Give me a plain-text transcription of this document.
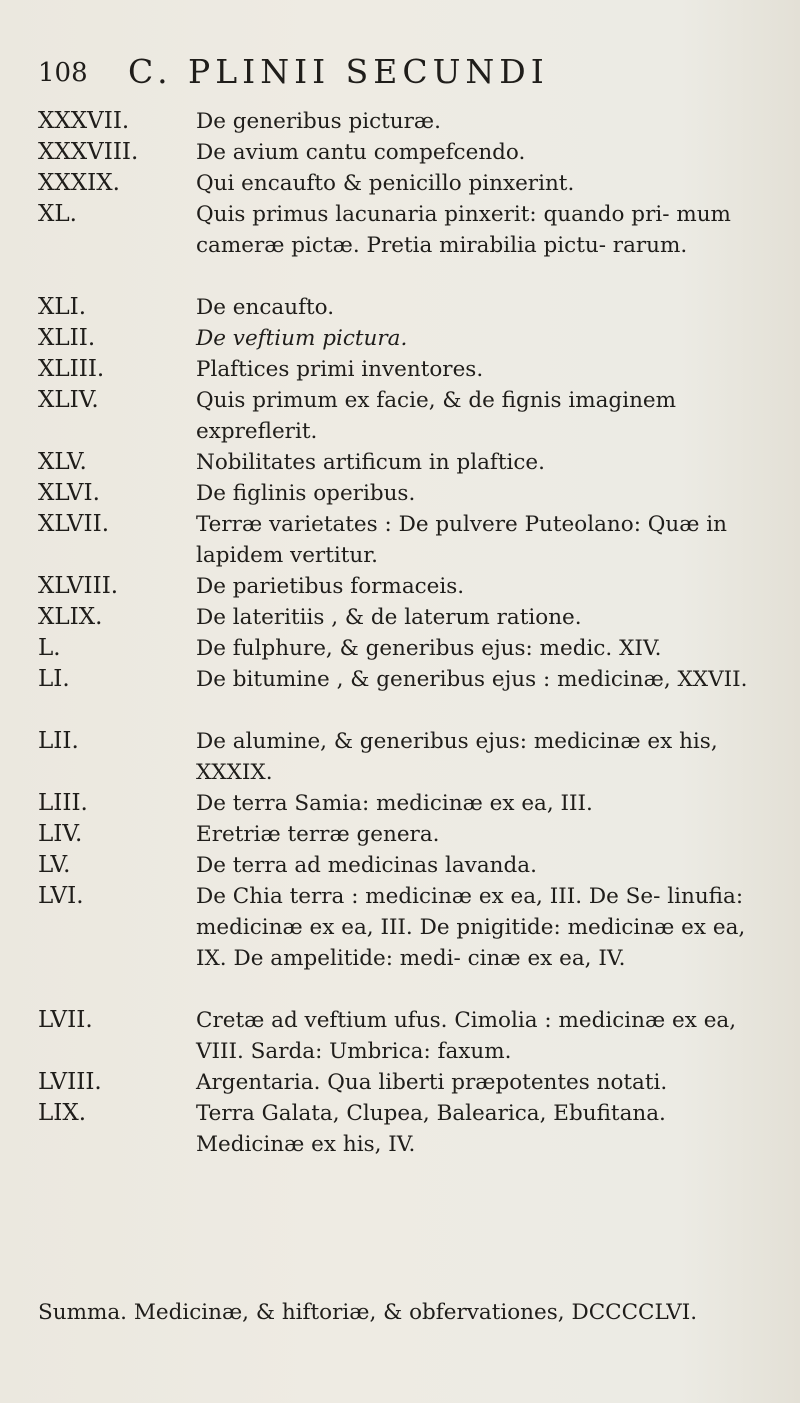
108 C. PLINII SECUNDI
XXXVII.	De generibus picturæ.
XXXVIII.	De avium cantu compefcendo.
XXXIX.	Qui encaufto & penicillo pinxerint.
XL.	Quis primus lacunaria pinxerit: quando pri- mum cameræ pictæ. Pretia mirabilia pictu- rarum.
XLI.	De encaufto.
XLII.	De veftium pictura.
XLIII.	Plaftices primi inventores.
XLIV.	Quis primum ex facie, & de fignis imaginem expreflerit.
XLV.	Nobilitates artificum in plaftice.
XLVI.	De figlinis operibus.
XLVII.	Terræ varietates : De pulvere Puteolano: Quæ in lapidem vertitur.
XLVIII.	De parietibus formaceis.
XLIX.	De lateritiis , & de laterum ratione.
L.	De fulphure, & generibus ejus: medic. XIV.
LI.	De bitumine , & generibus ejus : medicinæ, XXVII.
LII.	De alumine, & generibus ejus: medicinæ ex his, XXXIX.
LIII.	De terra Samia: medicinæ ex ea, III.
LIV.	Eretriæ terræ genera.
LV.	De terra ad medicinas lavanda.
LVI.	De Chia terra : medicinæ ex ea, III. De Se- linufia: medicinæ ex ea, III. De pnigitide: medicinæ ex ea, IX. De ampelitide: medi- cinæ ex ea, IV.
LVII.	Cretæ ad veftium ufus. Cimolia : medicinæ ex ea, VIII. Sarda: Umbrica: faxum.
LVIII.	Argentaria. Qua liberti præpotentes notati.
LIX.	Terra Galata, Clupea, Balearica, Ebufitana. Medicinæ ex his, IV.
Summa. Medicinæ, & hiftoriæ, & obfervationes, DCCCCLVI.
